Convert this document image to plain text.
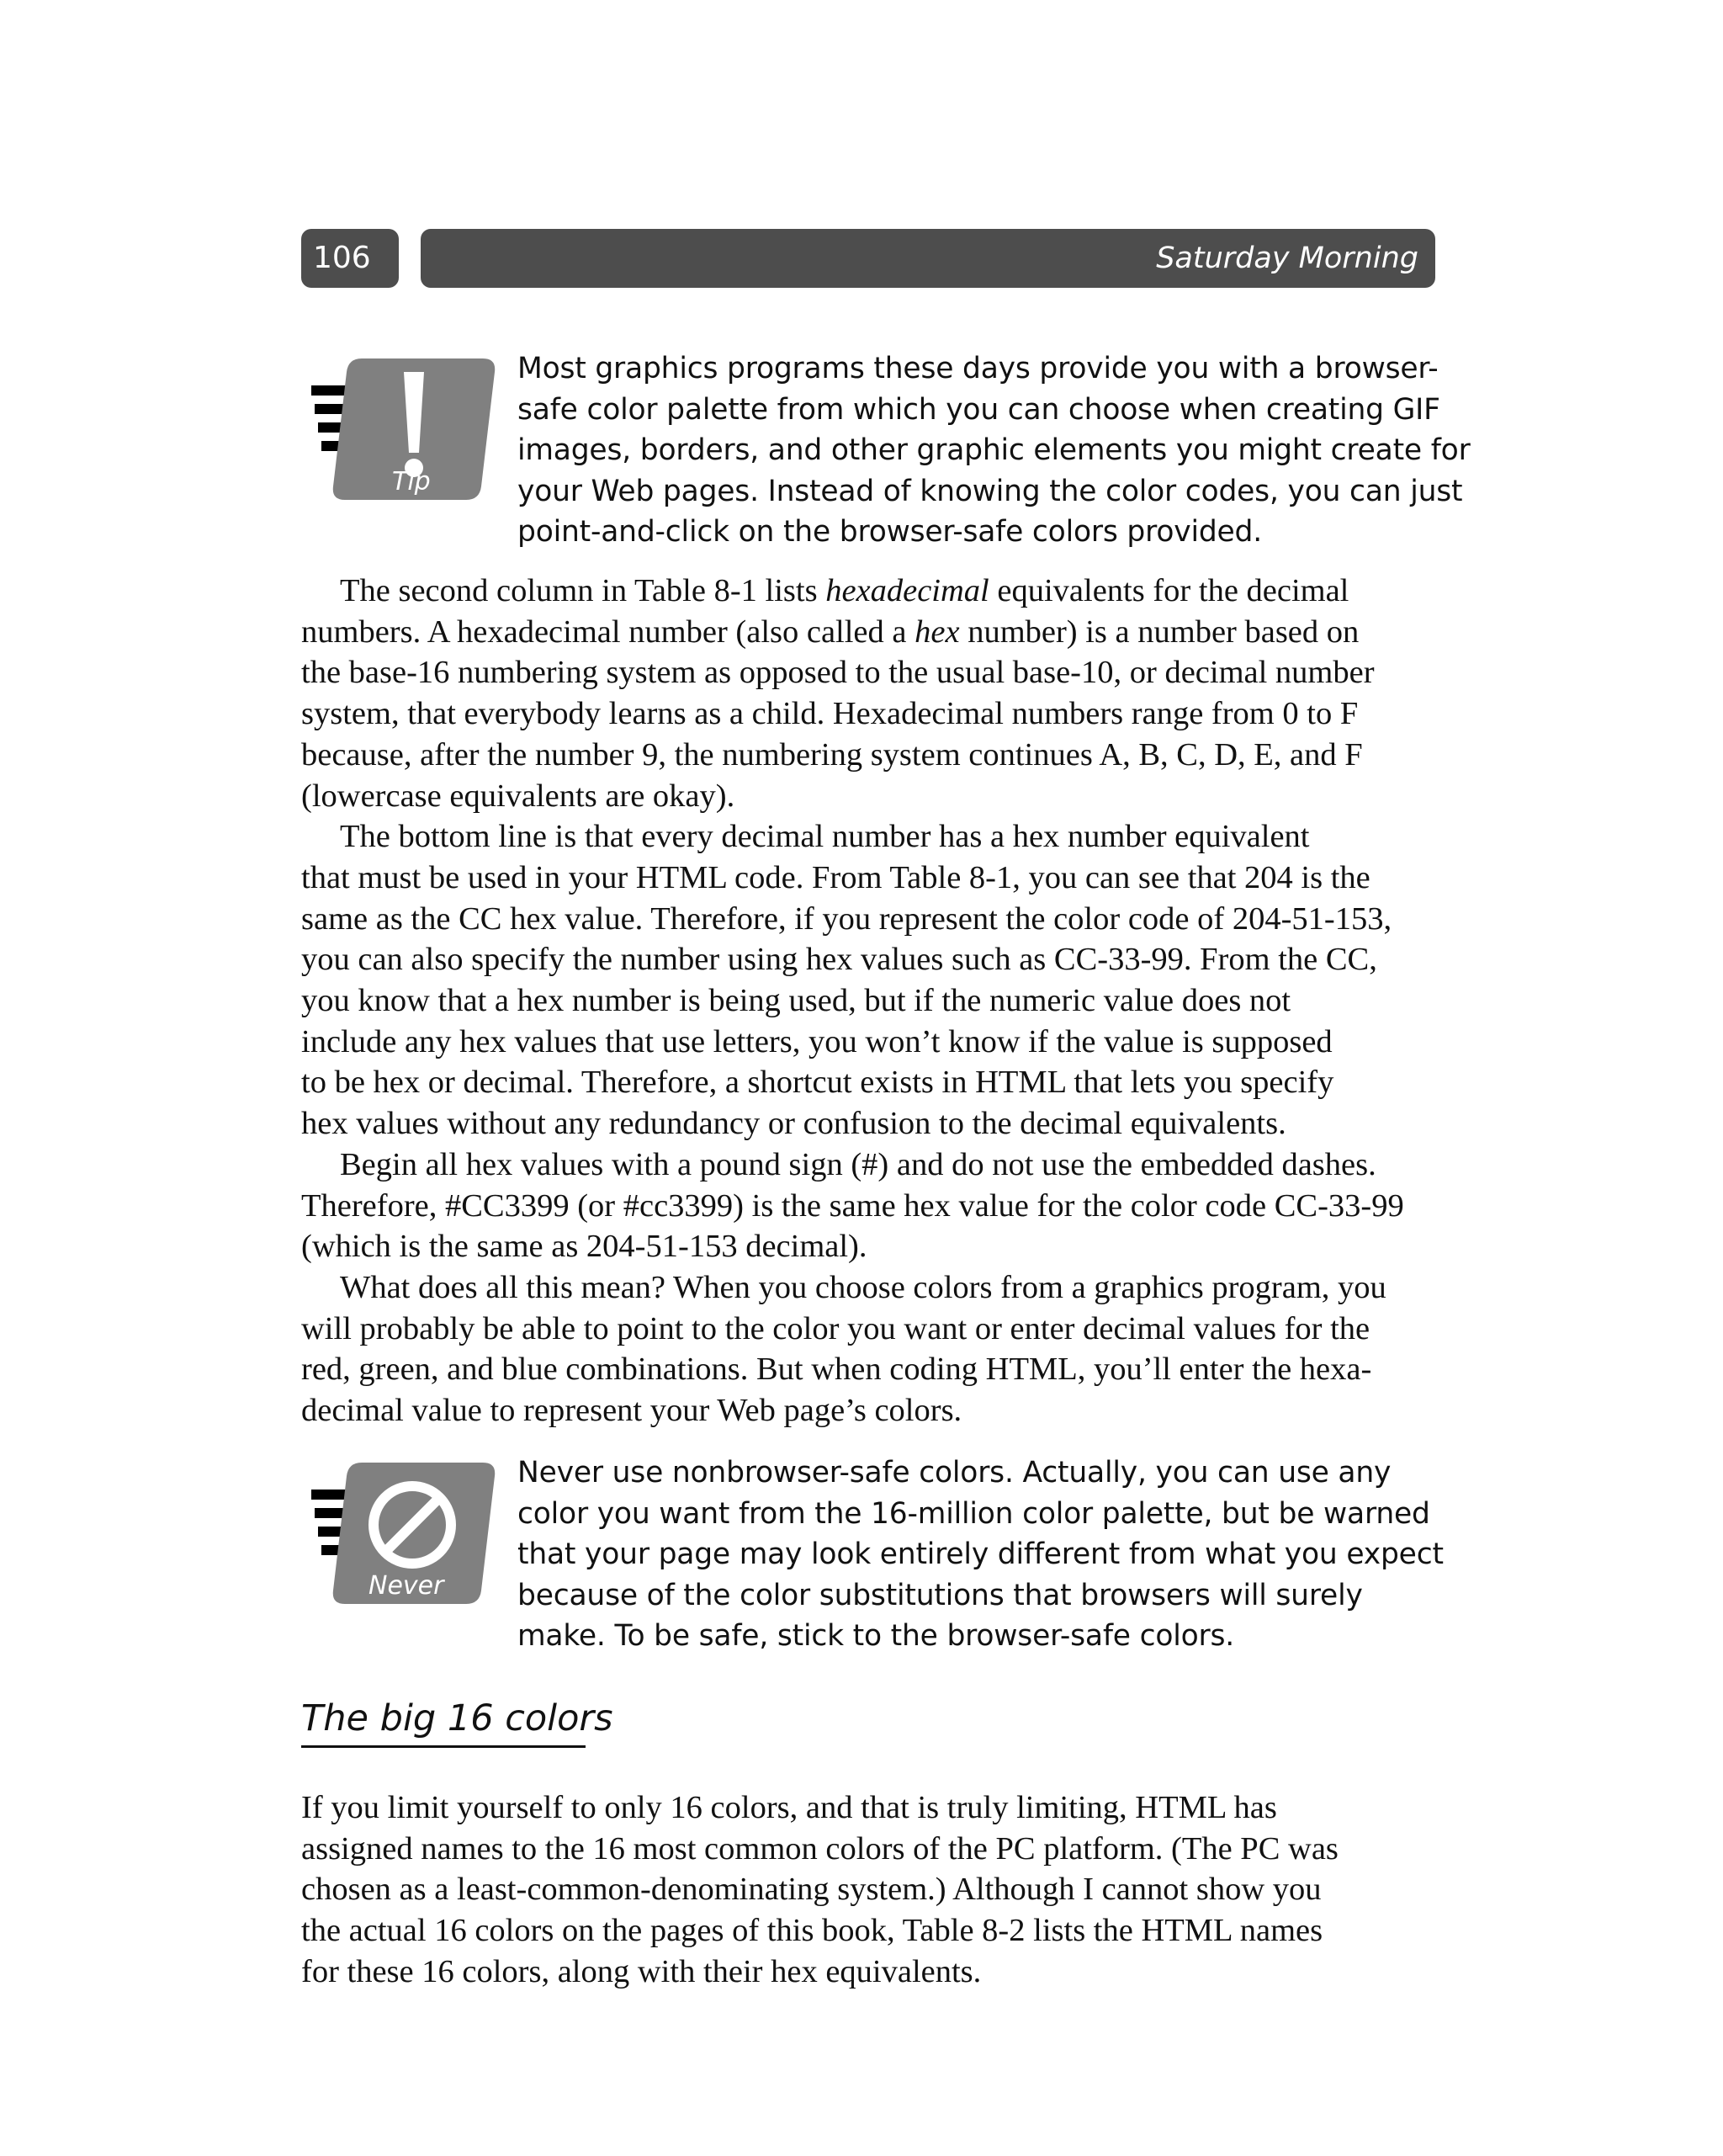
106	Saturday Morning
Tip
Most graphics programs these days provide you with a browser-
safe color palette from which you can choose when creating GIF
images, borders, and other graphic elements you might create for
your Web pages. Instead of knowing the color codes, you can just
point-and-click on the browser-safe colors provided.
The second column in Table 8-1 lists hexadecimal equivalents for the decimal
numbers. A hexadecimal number (also called a hex number) is a number based on
the base-16 numbering system as opposed to the usual base-10, or decimal number
system, that everybody learns as a child. Hexadecimal numbers range from 0 to F
because, after the number 9, the numbering system continues A, B, C, D, E, and F
(lowercase equivalents are okay).
The bottom line is that every decimal number has a hex number equivalent
that must be used in your HTML code. From Table 8-1, you can see that 204 is the
same as the CC hex value. Therefore, if you represent the color code of 204-51-153,
you can also specify the number using hex values such as CC-33-99. From the CC,
you know that a hex number is being used, but if the numeric value does not
include any hex values that use letters, you won’t know if the value is supposed
to be hex or decimal. Therefore, a shortcut exists in HTML that lets you specify
hex values without any redundancy or confusion to the decimal equivalents.
Begin all hex values with a pound sign (#) and do not use the embedded dashes.
Therefore, #CC3399 (or #cc3399) is the same hex value for the color code CC-33-99
(which is the same as 204-51-153 decimal).
What does all this mean? When you choose colors from a graphics program, you
will probably be able to point to the color you want or enter decimal values for the
red, green, and blue combinations. But when coding HTML, you’ll enter the hexa-
decimal value to represent your Web page’s colors.
Never
Never use nonbrowser-safe colors. Actually, you can use any
color you want from the 16-million color palette, but be warned
that your page may look entirely different from what you expect
because of the color substitutions that browsers will surely
make. To be safe, stick to the browser-safe colors.
The big 16 colors
If you limit yourself to only 16 colors, and that is truly limiting, HTML has
assigned names to the 16 most common colors of the PC platform. (The PC was
chosen as a least-common-denominating system.) Although I cannot show you
the actual 16 colors on the pages of this book, Table 8-2 lists the HTML names
for these 16 colors, along with their hex equivalents.
